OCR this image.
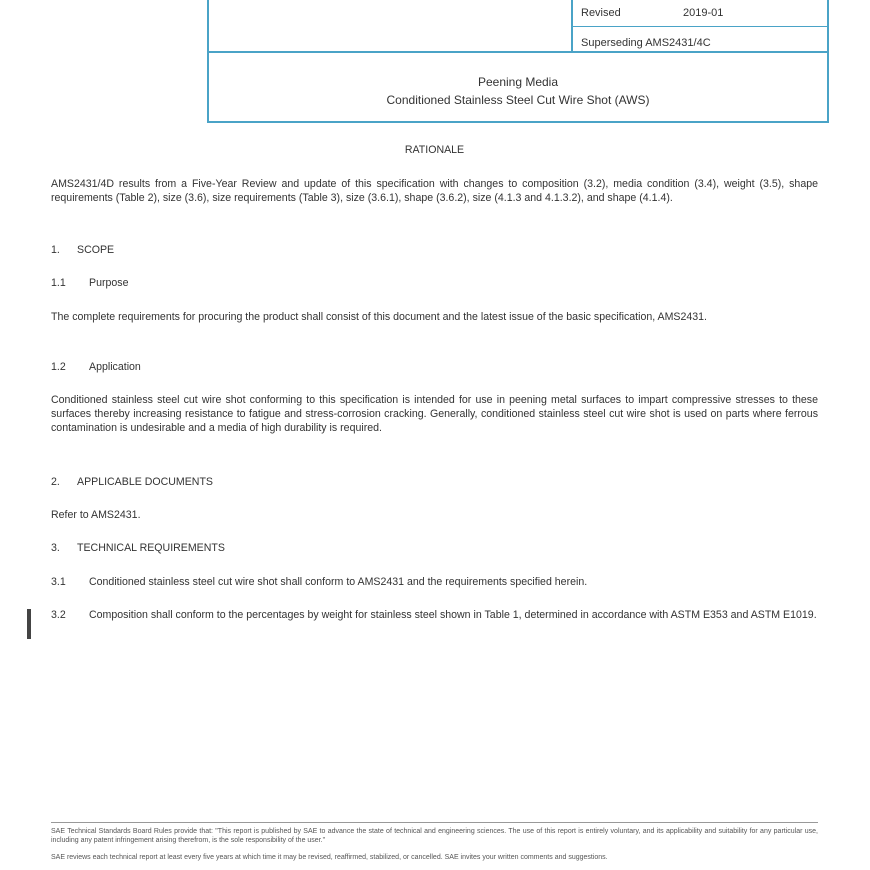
Revised	2019-01
Superseding AMS2431/4C
Peening Media
Conditioned Stainless Steel Cut Wire Shot (AWS)
RATIONALE
AMS2431/4D results from a Five-Year Review and update of this specification with changes to composition (3.2), media condition (3.4), weight (3.5), shape requirements (Table 2), size (3.6), size requirements (Table 3), size (3.6.1), shape (3.6.2), size (4.1.3 and 4.1.3.2), and shape (4.1.4).
1. SCOPE
1.1 Purpose
The complete requirements for procuring the product shall consist of this document and the latest issue of the basic specification, AMS2431.
1.2 Application
Conditioned stainless steel cut wire shot conforming to this specification is intended for use in peening metal surfaces to impart compressive stresses to these surfaces thereby increasing resistance to fatigue and stress-corrosion cracking. Generally, conditioned stainless steel cut wire shot is used on parts where ferrous contamination is undesirable and a media of high durability is required.
2. APPLICABLE DOCUMENTS
Refer to AMS2431.
3. TECHNICAL REQUIREMENTS
3.1 Conditioned stainless steel cut wire shot shall conform to AMS2431 and the requirements specified herein.
3.2 Composition shall conform to the percentages by weight for stainless steel shown in Table 1, determined in accordance with ASTM E353 and ASTM E1019.
SAE Technical Standards Board Rules provide that: "This report is published by SAE to advance the state of technical and engineering sciences. The use of this report is entirely voluntary, and its applicability and suitability for any particular use, including any patent infringement arising therefrom, is the sole responsibility of the user."
SAE reviews each technical report at least every five years at which time it may be revised, reaffirmed, stabilized, or cancelled. SAE invites your written comments and suggestions.
